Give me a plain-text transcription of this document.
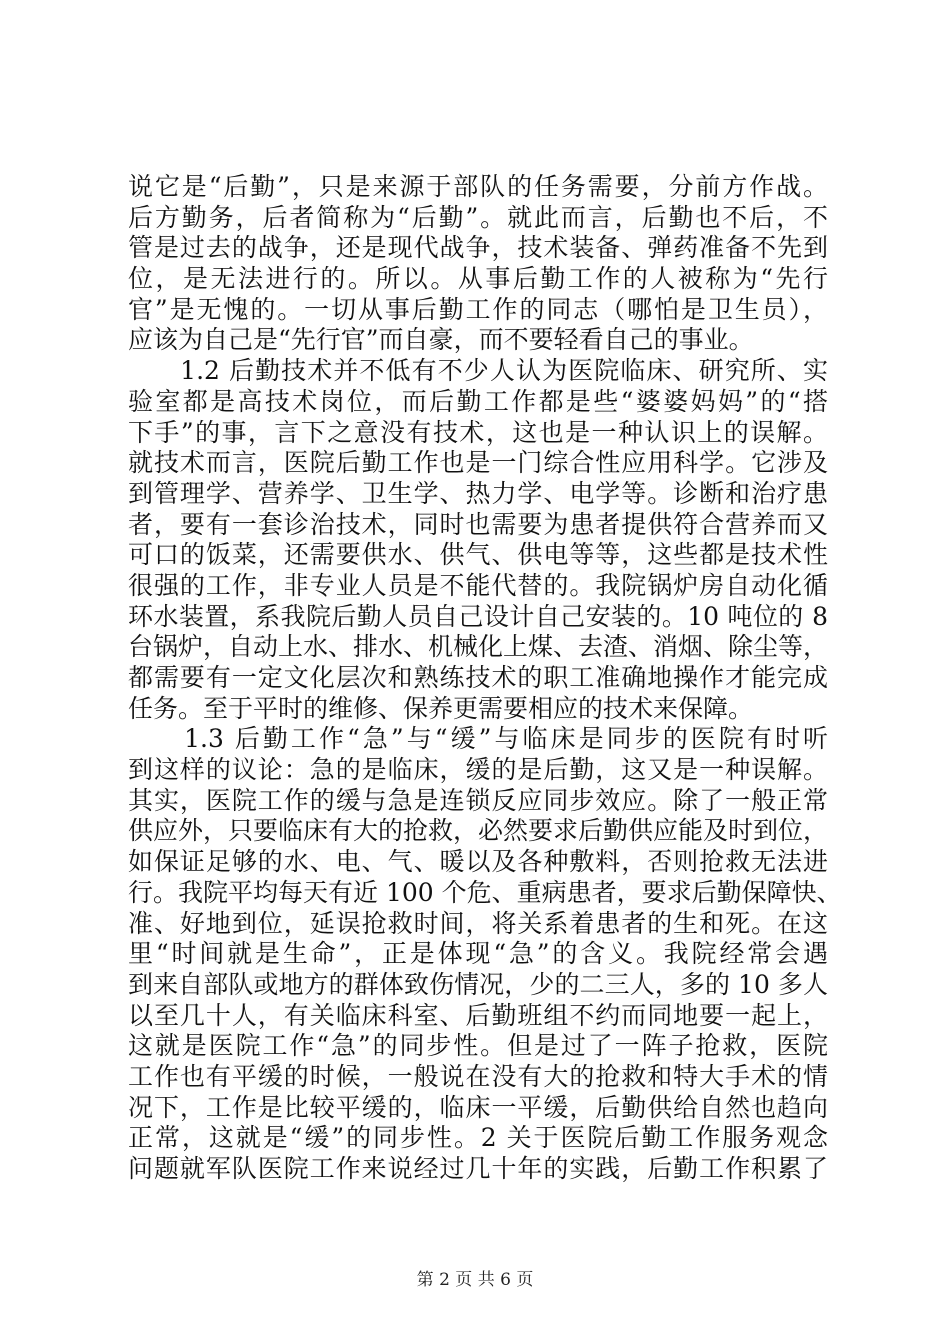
说它是“后勤”，只是来源于部队的任务需要，分前方作战。
后方勤务，后者简称为“后勤”。就此而言，后勤也不后，不
管是过去的战争，还是现代战争，技术装备、弹药准备不先到
位，是无法进行的。所以。从事后勤工作的人被称为“先行
官”是无愧的。一切从事后勤工作的同志（哪怕是卫生员），
应该为自己是“先行官”而自豪，而不要轻看自己的事业。
　　1.2 后勤技术并不低有不少人认为医院临床、研究所、实
验室都是高技术岗位，而后勤工作都是些“婆婆妈妈”的“搭
下手”的事，言下之意没有技术，这也是一种认识上的误解。
就技术而言，医院后勤工作也是一门综合性应用科学。它涉及
到管理学、营养学、卫生学、热力学、电学等。诊断和治疗患
者，要有一套诊治技术，同时也需要为患者提供符合营养而又
可口的饭菜，还需要供水、供气、供电等等，这些都是技术性
很强的工作，非专业人员是不能代替的。我院锅炉房自动化循
环水装置，系我院后勤人员自己设计自己安装的。10 吨位的 8
台锅炉，自动上水、排水、机械化上煤、去渣、消烟、除尘等，
都需要有一定文化层次和熟练技术的职工准确地操作才能完成
任务。至于平时的维修、保养更需要相应的技术来保障。
　　1.3 后勤工作“急”与“缓”与临床是同步的医院有时听
到这样的议论：急的是临床，缓的是后勤，这又是一种误解。
其实，医院工作的缓与急是连锁反应同步效应。除了一般正常
供应外，只要临床有大的抢救，必然要求后勤供应能及时到位，
如保证足够的水、电、气、暖以及各种敷料，否则抢救无法进
行。我院平均每天有近 100 个危、重病患者，要求后勤保障快、
准、好地到位，延误抢救时间，将关系着患者的生和死。在这
里“时间就是生命”，正是体现“急”的含义。我院经常会遇
到来自部队或地方的群体致伤情况，少的二三人，多的 10 多人
以至几十人，有关临床科室、后勤班组不约而同地要一起上，
这就是医院工作“急”的同步性。但是过了一阵子抢救，医院
工作也有平缓的时候，一般说在没有大的抢救和特大手术的情
况下，工作是比较平缓的，临床一平缓，后勤供给自然也趋向
正常，这就是“缓”的同步性。2 关于医院后勤工作服务观念
问题就军队医院工作来说经过几十年的实践，后勤工作积累了
第 2 页 共 6 页
